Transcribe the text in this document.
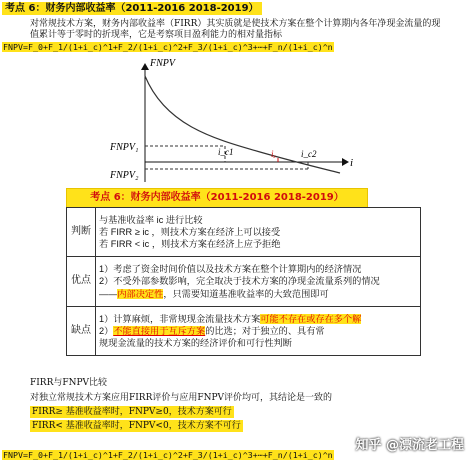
考点 6：财务内部收益率（2011-2016 2018-2019）
对常规技术方案，财务内部收益率（FIRR）其实质就是使技术方案在整个计算期内各年净现金流量的现
值累计等于零时的折现率，它是考察项目盈利能力的相对量指标
FNPV=F_0+F_1/(1+i_c)^1+F_2/(1+i_c)^2+F_3/(1+i_c)^3+⋯+F_n/(1+i_c)^n
FNPV
i
FNPV₁
FNPV₂
i_c1	iₓ	i_c2
考点 6：财务内部收益率（2011-2016 2018-2019）
判断	与基准收益率 iᴄ 进行比较
若 FIRR ≥ iᴄ ，则技术方案在经济上可以接受
若 FIRR < iᴄ ，则技术方案在经济上应予拒绝

优点	1）考虑了资金时间价值以及技术方案在整个计算期内的经济情况
2）不受外部参数影响，完全取决于技术方案的净现金流量系列的情况
——内部决定性，只需要知道基准收益率的大致范围即可

缺点	1）计算麻烦，非常规现金流量技术方案可能不存在或存在多个解
2）不能直接用于互斥方案的比选；对于独立的、具有常
规现金流量的技术方案的经济评价和可行性判断
FIRR与FNPV比较
对独立常规技术方案应用FIRR评价与应用FNPV评价均可，其结论是一致的
FIRR≥ 基准收益率时，FNPV≥0，技术方案可行
FIRR< 基准收益率时，FNPV<0，技术方案不可行
FNPV=F_0+F_1/(1+i_c)^1+F_2/(1+i_c)^2+F_3/(1+i_c)^3+⋯+F_n/(1+i_c)^n
知乎 @漂流老工程
